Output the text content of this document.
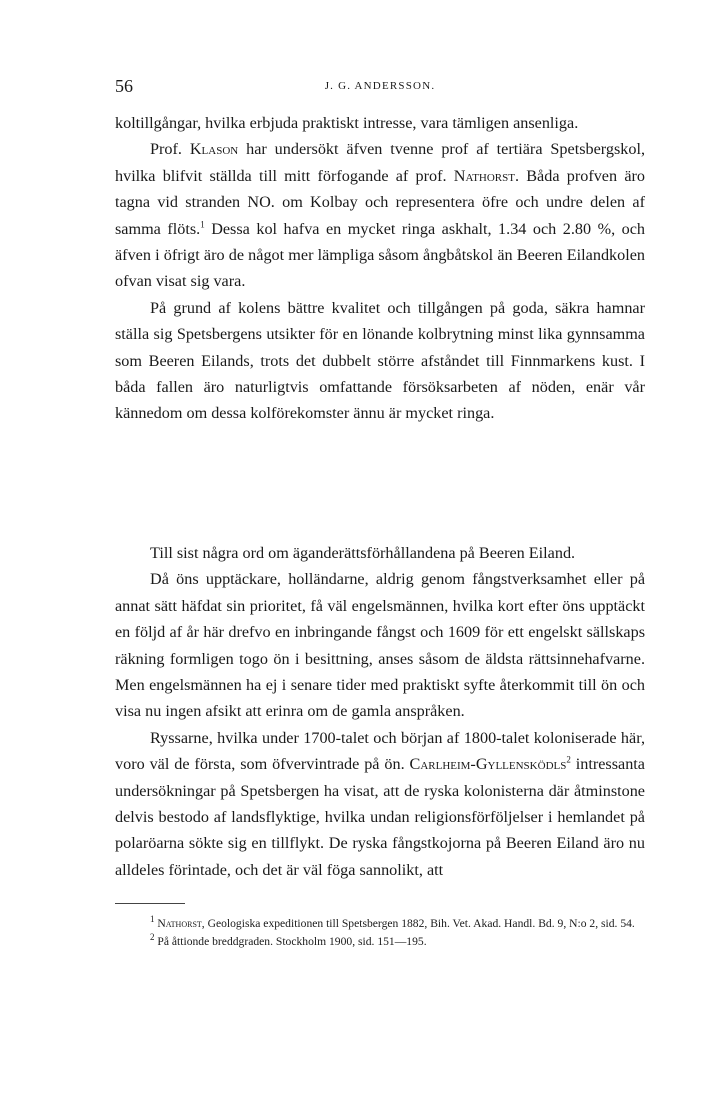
56	J. G. ANDERSSON.

koltillgångar, hvilka erbjuda praktiskt intresse, vara tämligen ansenliga.

Prof. Klason har undersökt äfven tvenne prof af tertiära Spetsbergskol, hvilka blifvit ställda till mitt förfogande af prof. Nathorst. Båda profven äro tagna vid stranden NO. om Kolbay och representera öfre och undre delen af samma flöts.$^1$ Dessa kol hafva en mycket ringa askhalt, 1.34 och 2.80 %, och äfven i öfrigt äro de något mer lämpliga såsom ångbåtskol än Beeren Eilandkolen ofvan visat sig vara.

På grund af kolens bättre kvalitet och tillgången på goda, säkra hamnar ställa sig Spetsbergens utsikter för en lönande kolbrytning minst lika gynnsamma som Beeren Eilands, trots det dubbelt större afståndet till Finnmarkens kust. I båda fallen äro naturligtvis omfattande försöksarbeten af nöden, enär vår kännedom om dessa kolförekomster ännu är mycket ringa.

Till sist några ord om äganderättsförhållandena på Beeren Eiland.

Då öns upptäckare, holländarne, aldrig genom fångstverksamhet eller på annat sätt häfdat sin prioritet, få väl engelsmännen, hvilka kort efter öns upptäckt en följd af år här drefvo en inbringande fångst och 1609 för ett engelskt sällskaps räkning formligen togo ön i besittning, anses såsom de äldsta rättsinnehafvarne. Men engelsmännen ha ej i senare tider med praktiskt syfte återkommit till ön och visa nu ingen afsikt att erinra om de gamla anspråken.

Ryssarne, hvilka under 1700-talet och början af 1800-talet koloniserade här, voro väl de första, som öfvervintrade på ön. Carlheim-Gyllensködls$^2$ intressanta undersökningar på Spetsbergen ha visat, att de ryska kolonisterna där åtminstone delvis bestodo af landsflyktige, hvilka undan religionsförföljelser i hemlandet på polaröarna sökte sig en tillflykt. De ryska fångstkojorna på Beeren Eiland äro nu alldeles förintade, och det är väl föga sannolikt, att

$^1$ Nathorst, Geologiska expeditionen till Spetsbergen 1882, Bih. Vet. Akad. Handl. Bd. 9, N:o 2, sid. 54.

$^2$ På åttionde breddgraden. Stockholm 1900, sid. 151—195.
